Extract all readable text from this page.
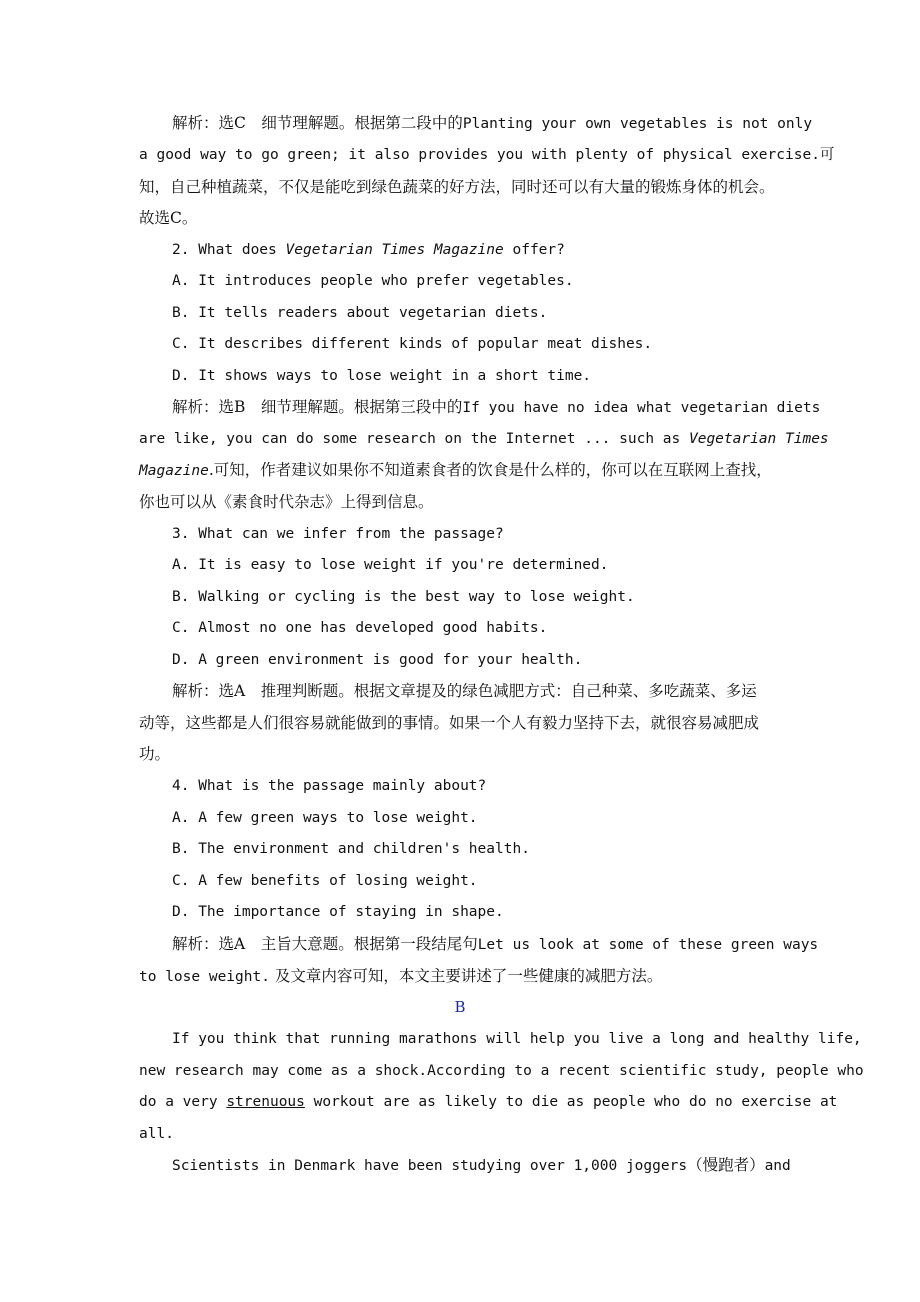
解析：选C　细节理解题。根据第二段中的Planting your own vegetables is not only
a good way to go green; it also provides you with plenty of physical exercise.可
知，自己种植蔬菜，不仅是能吃到绿色蔬菜的好方法，同时还可以有大量的锻炼身体的机会。
故选C。
2. What does Vegetarian Times Magazine offer?
A. It introduces people who prefer vegetables.
B. It tells readers about vegetarian diets.
C. It describes different kinds of popular meat dishes.
D. It shows ways to lose weight in a short time.
解析：选B　细节理解题。根据第三段中的If you have no idea what vegetarian diets
are like, you can do some research on the Internet ... such as Vegetarian Times
Magazine.可知，作者建议如果你不知道素食者的饮食是什么样的，你可以在互联网上查找，
你也可以从《素食时代杂志》上得到信息。
3. What can we infer from the passage?
A. It is easy to lose weight if you're determined.
B. Walking or cycling is the best way to lose weight.
C. Almost no one has developed good habits.
D. A green environment is good for your health.
解析：选A　推理判断题。根据文章提及的绿色减肥方式：自己种菜、多吃蔬菜、多运
动等，这些都是人们很容易就能做到的事情。如果一个人有毅力坚持下去，就很容易减肥成
功。
4. What is the passage mainly about?
A. A few green ways to lose weight.
B. The environment and children's health.
C. A few benefits of losing weight.
D. The importance of staying in shape.
解析：选A　主旨大意题。根据第一段结尾句Let us look at some of these green ways
to lose weight. 及文章内容可知，本文主要讲述了一些健康的减肥方法。
B
If you think that running marathons will help you live a long and healthy life,
new research may come as a shock.According to a recent scientific study, people who
do a very strenuous workout are as likely to die as people who do no exercise at
all.
Scientists in Denmark have been studying over 1,000 joggers（慢跑者）and
